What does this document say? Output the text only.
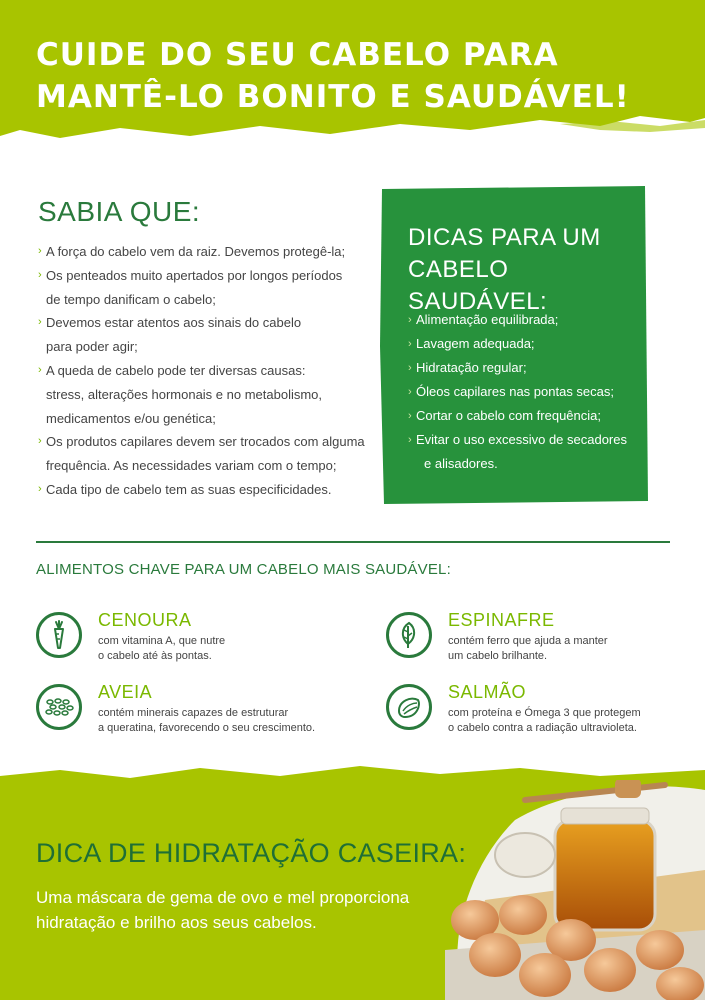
CUIDE DO SEU CABELO PARA
MANTÊ-LO BONITO E SAUDÁVEL!
SABIA QUE:
› A força do cabelo vem da raiz. Devemos protegê-la;
› Os penteados muito apertados por longos períodos
de tempo danificam o cabelo;
› Devemos estar atentos aos sinais do cabelo
para poder agir;
› A queda de cabelo pode ter diversas causas:
stress, alterações hormonais e no metabolismo,
medicamentos e/ou genética;
› Os produtos capilares devem ser trocados com alguma
frequência. As necessidades variam com o tempo;
› Cada tipo de cabelo tem as suas especificidades.
DICAS PARA UM
CABELO SAUDÁVEL:
› Alimentação equilibrada;
› Lavagem adequada;
› Hidratação regular;
› Óleos capilares nas pontas secas;
› Cortar o cabelo com frequência;
› Evitar o uso excessivo de secadores
e alisadores.
ALIMENTOS CHAVE PARA UM CABELO MAIS SAUDÁVEL:
CENOURA

com vitamina A, que nutre
o cabelo até às pontas.

ESPINAFRE

contém ferro que ajuda a manter
um cabelo brilhante.

AVEIA

contém minerais capazes de estruturar
a queratina, favorecendo o seu crescimento.

SALMÃO

com proteína e Ómega 3 que protegem
o cabelo contra a radiação ultravioleta.

DICA DE HIDRATAÇÃO CASEIRA:

Uma máscara de gema de ovo e mel proporciona
hidratação e brilho aos seus cabelos.
